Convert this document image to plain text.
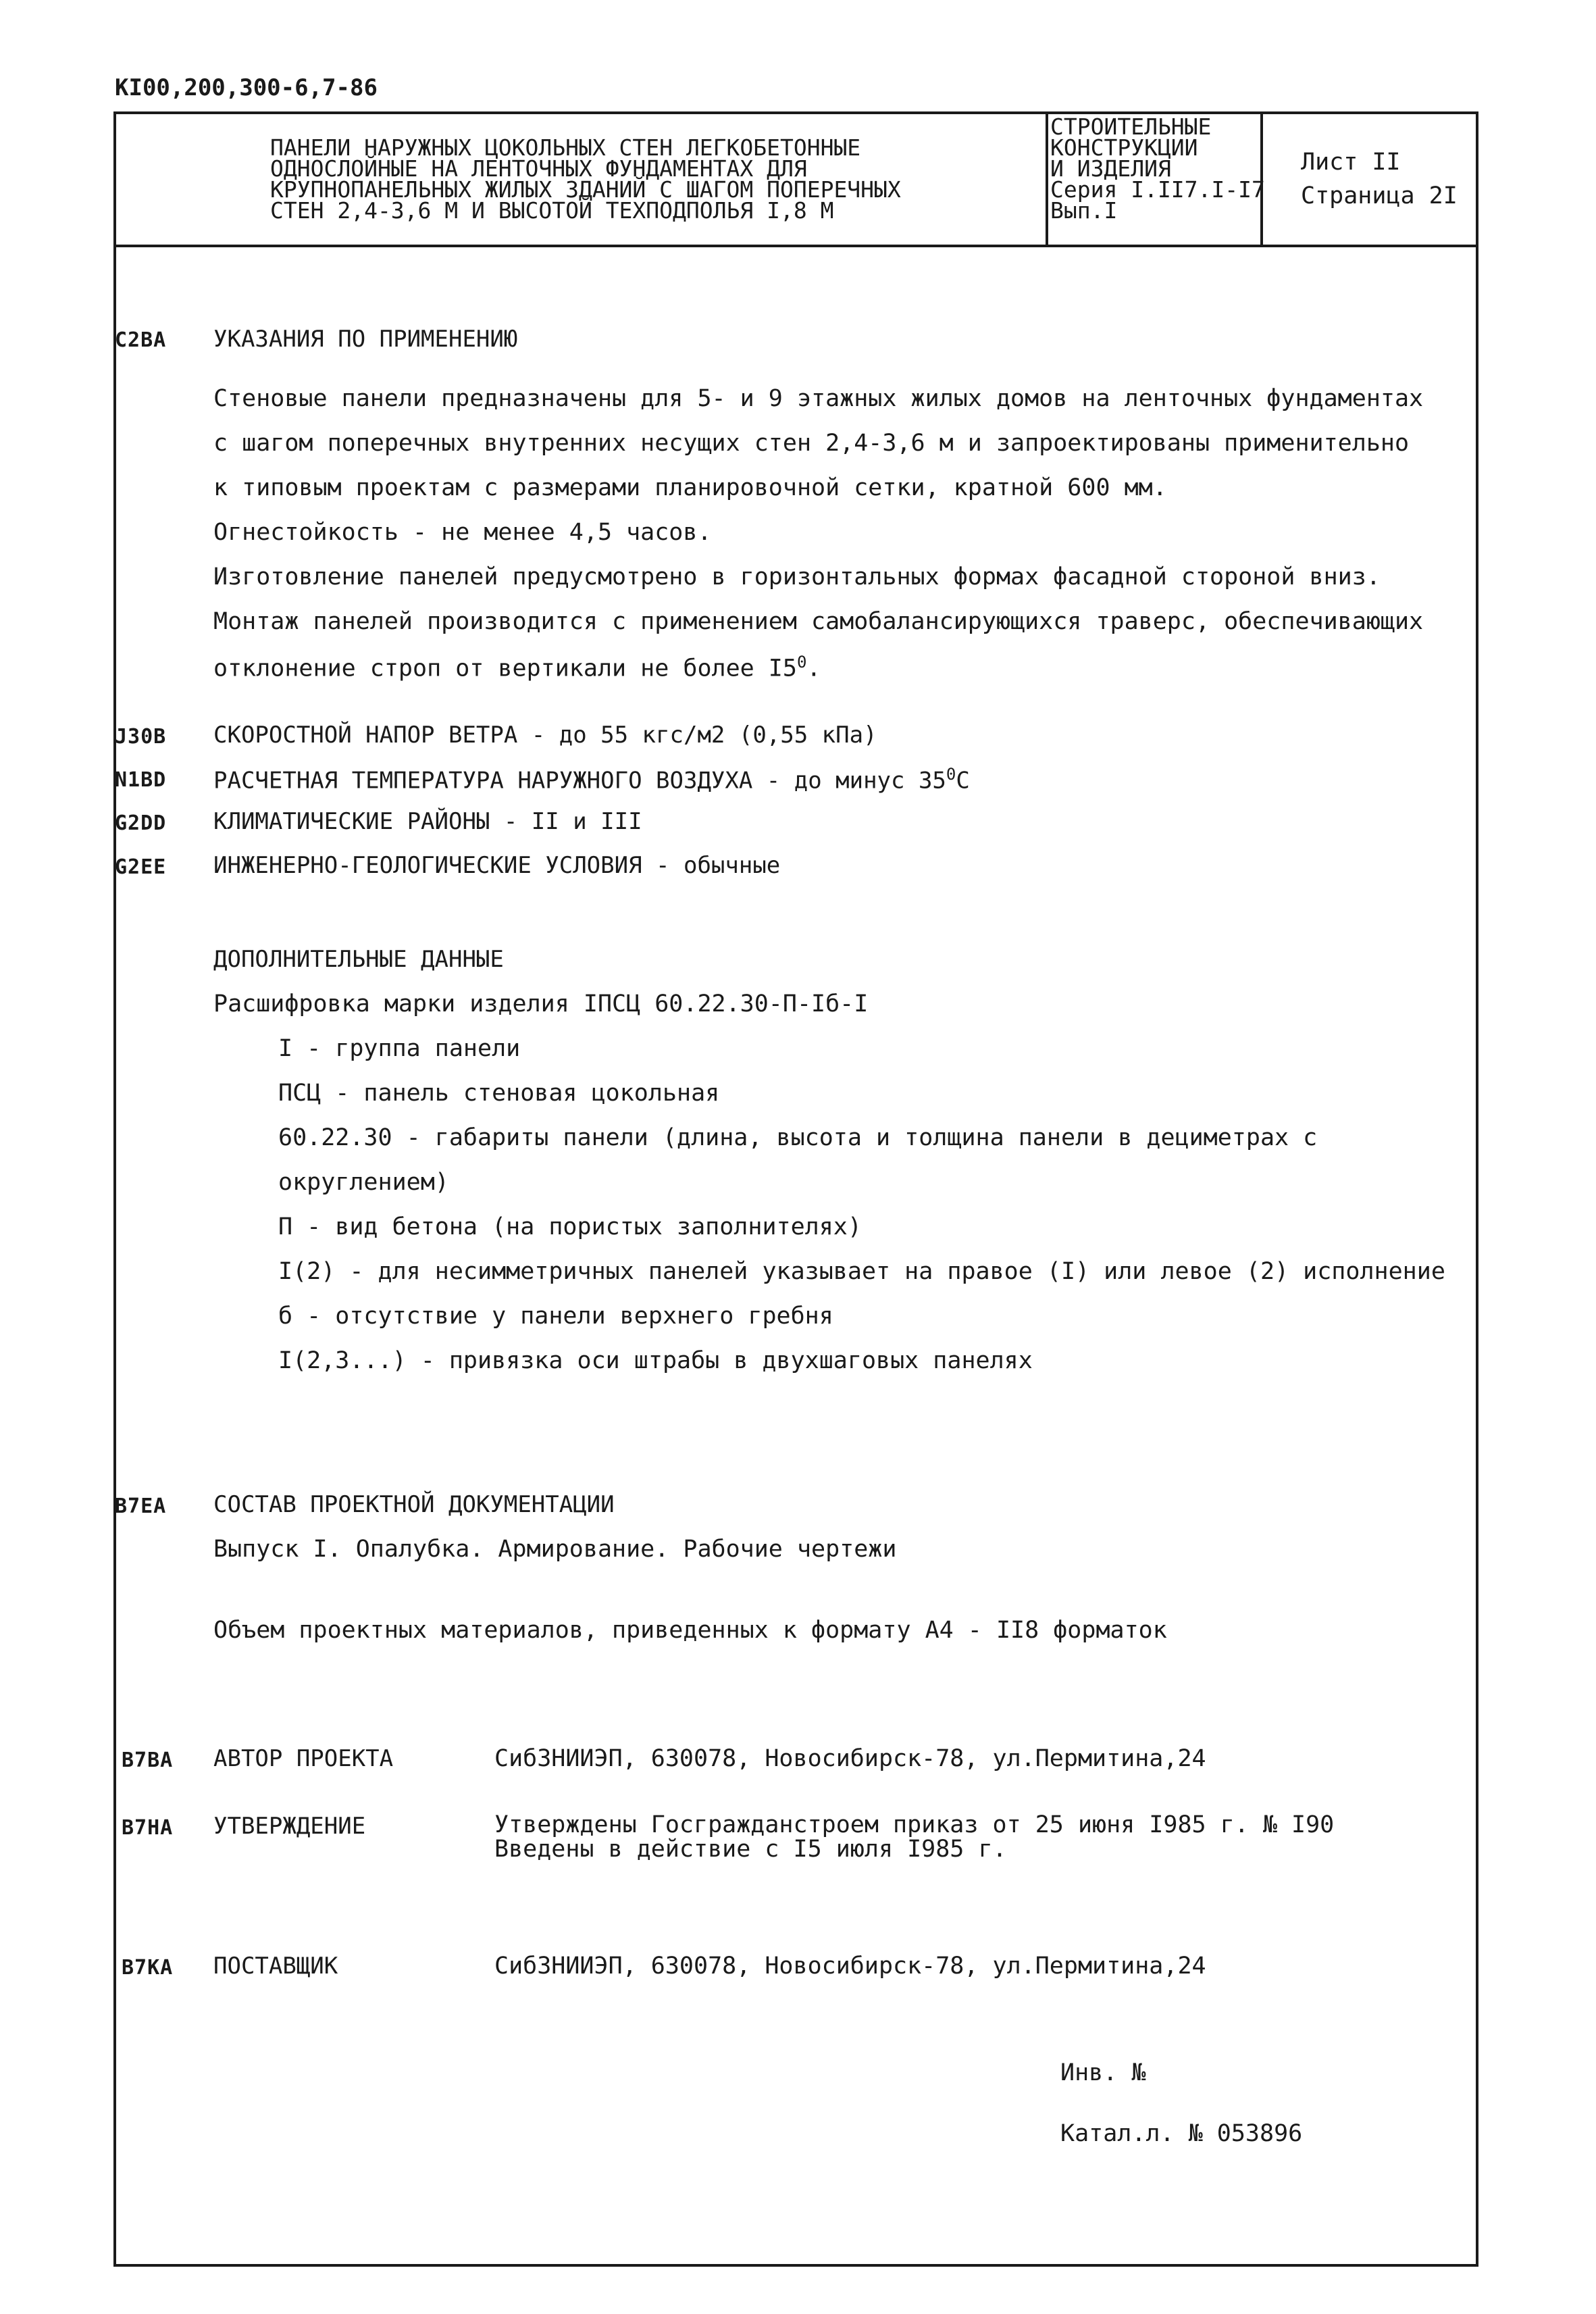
КI00,200,300-6,7-86
ПАНЕЛИ НАРУЖНЫХ ЦОКОЛЬНЫХ СТЕН ЛЕГКОБЕТОННЫЕ
ОДНОСЛОЙНЫЕ НА ЛЕНТОЧНЫХ ФУНДАМЕНТАХ ДЛЯ
КРУПНОПАНЕЛЬНЫХ ЖИЛЫХ ЗДАНИЙ С ШАГОМ ПОПЕРЕЧНЫХ
СТЕН 2,4-3,6 М И ВЫСОТОЙ ТЕХПОДПОЛЬЯ I,8 М
СТРОИТЕЛЬНЫЕ
КОНСТРУКЦИИ
И ИЗДЕЛИЯ
Серия I.II7.I-I7
Вып.I
Лист II
Страница 2I
C2BA УКАЗАНИЯ ПО ПРИМЕНЕНИЮ
Стеновые панели предназначены для 5- и 9 этажных жилых домов на ленточных фундаментах
с шагом поперечных внутренних несущих стен 2,4-3,6 м и запроектированы применительно
к типовым проектам с размерами планировочной сетки, кратной 600 мм.
Огнестойкость - не менее 4,5 часов.
Изготовление панелей предусмотрено в горизонтальных формах фасадной стороной вниз.
Монтаж панелей производится с применением самобалансирующихся траверс, обеспечивающих
отклонение строп от вертикали не более $I5^0$.
J30B СКОРОСТНОЙ НАПОР ВЕТРА - до 55 кгс/м2 (0,55 кПа)
N1BD РАСЧЕТНАЯ ТЕМПЕРАТУРА НАРУЖНОГО ВОЗДУХА - до минус $35^0С$
G2DD КЛИМАТИЧЕСКИЕ РАЙОНЫ - II и III
G2EE ИНЖЕНЕРНО-ГЕОЛОГИЧЕСКИЕ УСЛОВИЯ - обычные
ДОПОЛНИТЕЛЬНЫЕ ДАННЫЕ
Расшифровка марки изделия IПСЦ 60.22.30-П-Iб-I
I - группа панели
ПСЦ - панель стеновая цокольная
60.22.30 - габариты панели (длина, высота и толщина панели в дециметрах с
округлением)
П - вид бетона (на пористых заполнителях)
I(2) - для несимметричных панелей указывает на правое (I) или левое (2) исполнение
б - отсутствие у панели верхнего гребня
I(2,3...) - привязка оси штрабы в двухшаговых панелях
B7EA СОСТАВ ПРОЕКТНОЙ ДОКУМЕНТАЦИИ
Выпуск I. Опалубка. Армирование. Рабочие чертежи
Объем проектных материалов, приведенных к формату А4 - II8 форматок
B7BA АВТОР ПРОЕКТА	СибЗНИИЭП, 630078, Новосибирск-78, ул.Пермитина,24
B7HA УТВЕРЖДЕНИЕ	Утверждены Госгражданстроем приказ от 25 июня I985 г. № I90
Введены в действие с I5 июля I985 г.
B7KA ПОСТАВЩИК	СибЗНИИЭП, 630078, Новосибирск-78, ул.Пермитина,24
Инв. №
Катал.л. № 053896
